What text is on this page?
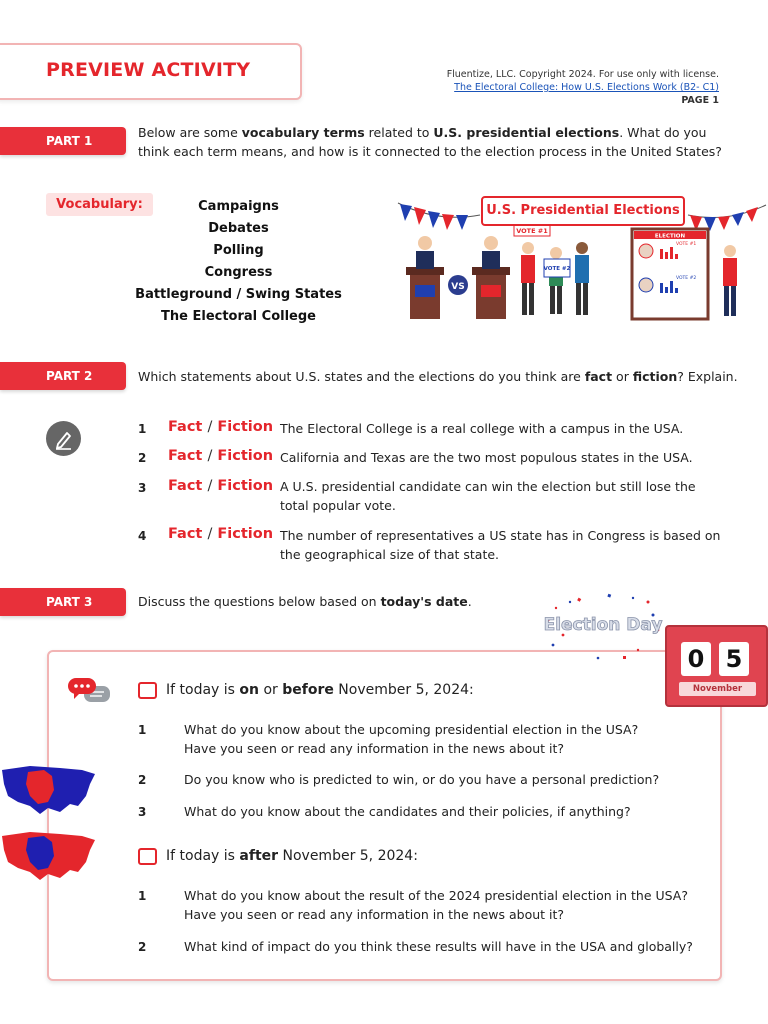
PREVIEW ACTIVITY	Fluentize, LLC. Copyright 2024. For use only with license.
The Electoral College: How U.S. Elections Work (B2- C1)
PAGE 1
PART 1
Below are some vocabulary terms related to U.S. presidential elections. What do you think each term means, and how is it connected to the election process in the United States?
Vocabulary:	Campaigns
Debates
Polling
Congress
Battleground / Swing States
The Electoral College
VS
VOTE #1
VOTE #2
ELECTION
VOTE #1
VOTE #2
U.S. Presidential Elections
PART 2	Which statements about U.S. states and the elections do you think are fact or fiction? Explain.
1 Fact / Fiction The Electoral College is a real college with a campus in the USA.
2 Fact / Fiction California and Texas are the two most populous states in the USA.
3 Fact / Fiction A U.S. presidential candidate can win the election but still lose the total popular vote.
4 Fact / Fiction The number of representatives a US state has in Congress is based on the geographical size of that state.
PART 3	Discuss the questions below based on today's date.
Election Day
0 5
November
If today is on or before November 5, 2024:
1	What do you know about the upcoming presidential election in the USA? Have you seen or read any information in the news about it?
2	Do you know who is predicted to win, or do you have a personal prediction?
3	What do you know about the candidates and their policies, if anything?
If today is after November 5, 2024:
1	What do you know about the result of the 2024 presidential election in the USA? Have you seen or read any information in the news about it?
2	What kind of impact do you think these results will have in the USA and globally?
